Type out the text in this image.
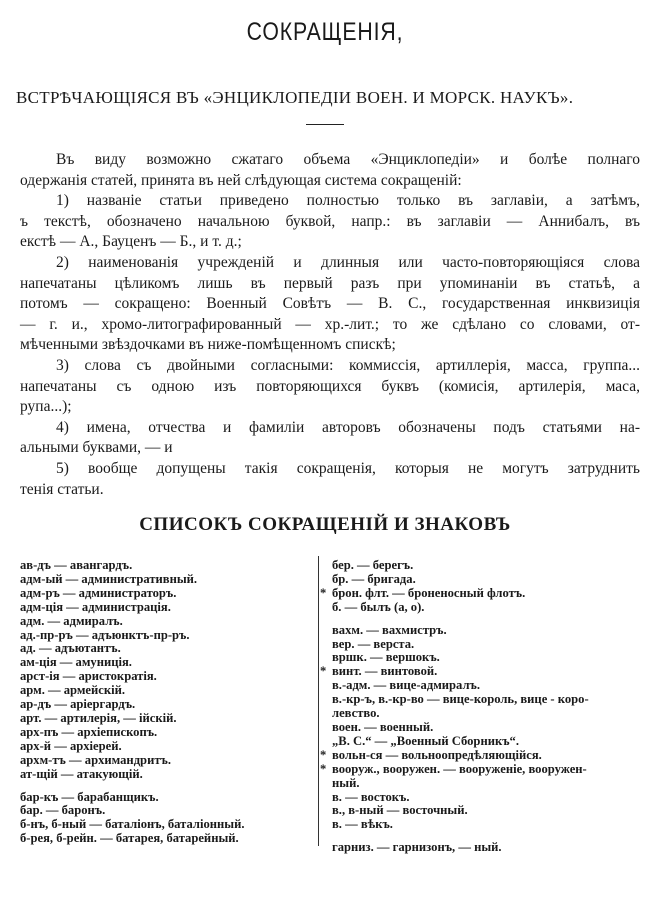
СОКРАЩЕНІЯ,
ВСТРѢЧАЮЩІЯСЯ ВЪ «ЭНЦИКЛОПЕДІИ ВОЕН. И МОРСК. НАУКЪ».
Въ виду возможно сжатаго объема «Энциклопедіи» и болѣе полнаго
одержанія статей, принята въ ней слѣдующая система сокращеній:
1) названіе статьи приведено полностью только въ заглавіи, а затѣмъ,
ъ текстѣ, обозначено начальною буквой, напр.: въ заглавіи — Аннибалъ, въ
екстѣ — А., Бауценъ — Б., и т. д.;
2) наименованія учрежденій и длинныя или часто-повторяющіяся слова
напечатаны цѣликомъ лишь въ первый разъ при упоминаніи въ статьѣ, а
потомъ — сокращено: Военный Совѣтъ — В. С., государственная инквизиція
— г. и., хромо-литографированный — хр.-лит.; то же сдѣлано со словами, от-
мѣченными звѣздочками въ ниже-помѣщенномъ спискѣ;
3) слова съ двойными согласными: коммиссія, артиллерія, масса, группа...
напечатаны съ одною изъ повторяющихся буквъ (комисія, артилерія, маса,
рупа...);
4) имена, отчества и фамиліи авторовъ обозначены подъ статьями на-
альными буквами, — и
5) вообще допущены такія сокращенія, которыя не могутъ затруднить
тенія статьи.
СПИСОКЪ СОКРАЩЕНІЙ И ЗНАКОВЪ
ав-дъ — авангардъ.
адм-ый — административный.
адм-ръ — администраторъ.
адм-ція — администрація.
адм. — адмиралъ.
ад.-пр-ръ — адъюнктъ-пр-ръ.
ад. — адъютантъ.
ам-ція — амуниція.
арст-ія — аристократія.
арм. — армейскій.
ар-дъ — аріергардъ.
арт. — артилерія, — ійскій.
арх-пъ — архіепископъ.
арх-й — архіерей.
архм-тъ — архимандритъ.
ат-щій — атакующій.
бар-къ — барабанщикъ.
бар. — баронъ.
б-нъ, б-ный — баталіонъ, баталіонный.
б-рея, б-рейн. — батарея, батарейный.
бер. — берегъ.
бр. — бригада.
* брон. флт. — броненосный флотъ.
б. — былъ (а, о).
вахм. — вахмистръ.
вер. — верста.
вршк. — вершокъ.
* винт. — винтовой.
в.-адм. — вице-адмиралъ.
в.-кр-ъ, в.-кр-во — вице-король, вице - коро-
левство.
воен. — военный.
„В. С.“ — „Военный Сборникъ“.
* вольн-ся — вольноопредѣляющійся.
* вооруж., вооружен. — вооруженіе, вооружен-
ный.
в. — востокъ.
в., в-ный — восточный.
в. — вѣкъ.
гарниз. — гарнизонъ, — ный.
